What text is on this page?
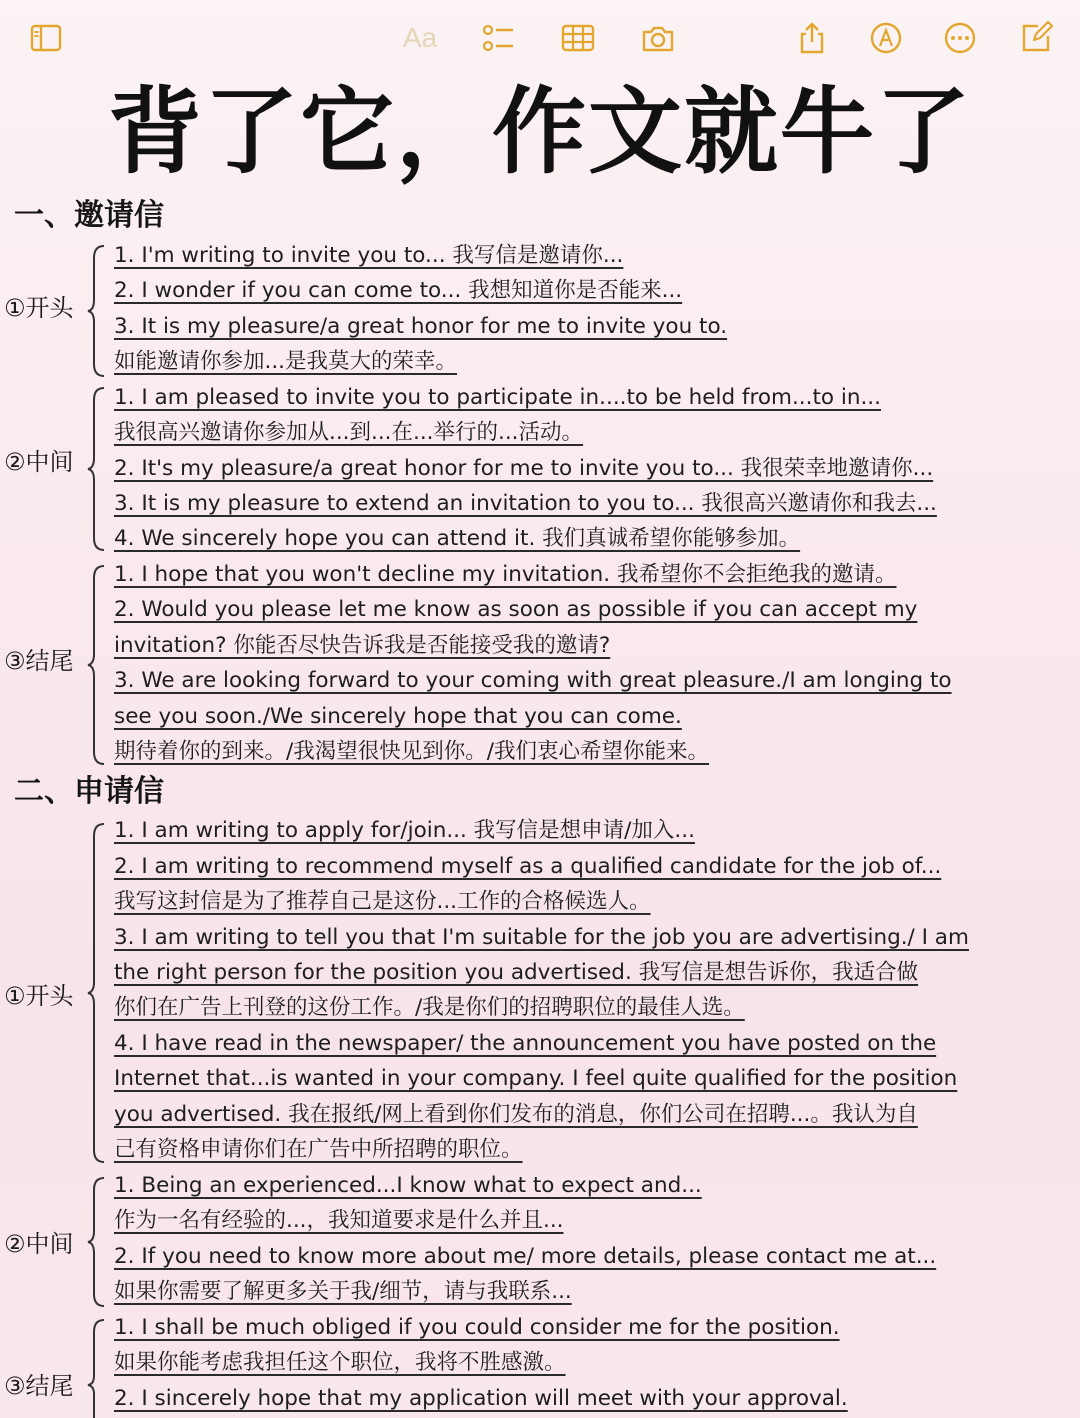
Aa
背了它，作文就牛了
一、邀请信
①开头
1. I'm writing to invite you to... 我写信是邀请你...
2. I wonder if you can come to... 我想知道你是否能来...
3. It is my pleasure/a great honor for me to invite you to.
如能邀请你参加...是我莫大的荣幸。
②中间
1. I am pleased to invite you to participate in....to be held from...to in...
我很高兴邀请你参加从...到...在...举行的...活动。
2. It's my pleasure/a great honor for me to invite you to... 我很荣幸地邀请你...
3. It is my pleasure to extend an invitation to you to... 我很高兴邀请你和我去...
4. We sincerely hope you can attend it. 我们真诚希望你能够参加。
③结尾
1. I hope that you won't decline my invitation. 我希望你不会拒绝我的邀请。
2. Would you please let me know as soon as possible if you can accept my
invitation? 你能否尽快告诉我是否能接受我的邀请?
3. We are looking forward to your coming with great pleasure./I am longing to
see you soon./We sincerely hope that you can come.
期待着你的到来。/我渴望很快见到你。/我们衷心希望你能来。
二、申请信
①开头
1. I am writing to apply for/join... 我写信是想申请/加入...
2. I am writing to recommend myself as a qualified candidate for the job of...
我写这封信是为了推荐自己是这份...工作的合格候选人。
3. I am writing to tell you that I'm suitable for the job you are advertising./ I am
the right person for the position you advertised. 我写信是想告诉你，我适合做
你们在广告上刊登的这份工作。/我是你们的招聘职位的最佳人选。
4. I have read in the newspaper/ the announcement you have posted on the
Internet that...is wanted in your company. I feel quite qualified for the position
you advertised. 我在报纸/网上看到你们发布的消息，你们公司在招聘...。我认为自
己有资格申请你们在广告中所招聘的职位。
②中间
1. Being an experienced...I know what to expect and...
作为一名有经验的...，我知道要求是什么并且...
2. If you need to know more about me/ more details, please contact me at...
如果你需要了解更多关于我/细节，请与我联系...
③结尾
1. I shall be much obliged if you could consider me for the position.
如果你能考虑我担任这个职位，我将不胜感激。
2. I sincerely hope that my application will meet with your approval.
